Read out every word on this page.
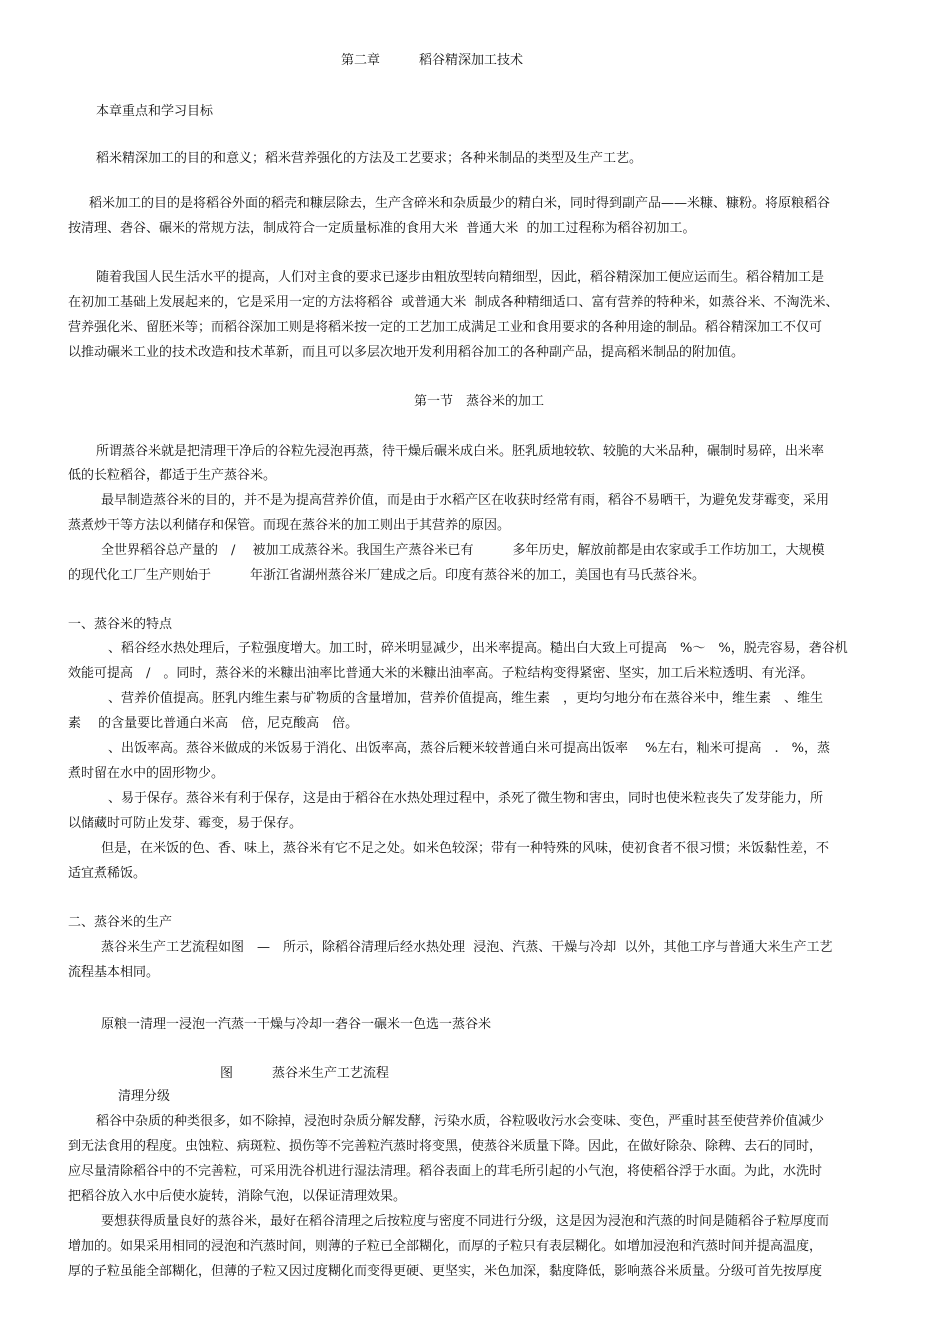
第二章　　　稻谷精深加工技术
本章重点和学习目标
稻米精深加工的目的和意义；稻米营养强化的方法及工艺要求；各种米制品的类型及生产工艺。
稻米加工的目的是将稻谷外面的稻壳和糠层除去，生产含碎米和杂质最少的精白米，同时得到副产品——米糠、糠粉。将原粮稻谷
按清理、砻谷、碾米的常规方法，制成符合一定质量标准的食用大米  普通大米  的加工过程称为稻谷初加工。
随着我国人民生活水平的提高，人们对主食的要求已逐步由粗放型转向精细型，因此，稻谷精深加工便应运而生。稻谷精加工是
在初加工基础上发展起来的，它是采用一定的方法将稻谷  或普通大米  制成各种精细适口、富有营养的特种米，如蒸谷米、不淘洗米、
营养强化米、留胚米等；而稻谷深加工则是将稻米按一定的工艺加工成满足工业和食用要求的各种用途的制品。稻谷精深加工不仅可
以推动碾米工业的技术改造和技术革新，而且可以多层次地开发利用稻谷加工的各种副产品，提高稻米制品的附加值。
第一节　蒸谷米的加工
所谓蒸谷米就是把清理干净后的谷粒先浸泡再蒸，待干燥后碾米成白米。胚乳质地较软、较脆的大米品种，碾制时易碎，出米率
低的长粒稻谷，都适于生产蒸谷米。
最早制造蒸谷米的目的，并不是为提高营养价值，而是由于水稻产区在收获时经常有雨，稻谷不易晒干，为避免发芽霉变，采用
蒸煮炒干等方法以利储存和保管。而现在蒸谷米的加工则出于其营养的原因。
全世界稻谷总产量的　/　 被加工成蒸谷米。我国生产蒸谷米已有　　　多年历史，解放前都是由农家或手工作坊加工，大规模
的现代化工厂生产则始于　　　年浙江省湖州蒸谷米厂建成之后。印度有蒸谷米的加工，美国也有马氏蒸谷米。
一、蒸谷米的特点
、稻谷经水热处理后，子粒强度增大。加工时，碎米明显减少，出米率提高。糙出白大致上可提高　%～　%，脱壳容易，砻谷机
效能可提高　/　。同时，蒸谷米的米糠出油率比普通大米的米糠出油率高。子粒结构变得紧密、坚实，加工后米粒透明、有光泽。
、营养价值提高。胚乳内维生素与矿物质的含量增加，营养价值提高，维生素　，更均匀地分布在蒸谷米中，维生素　、维生
素　 的含量要比普通白米高　倍，尼克酸高　倍。
、出饭率高。蒸谷米做成的米饭易于消化、出饭率高，蒸谷后粳米较普通白米可提高出饭率　 %左右，籼米可提高　.　%，蒸
煮时留在水中的固形物少。
、易于保存。蒸谷米有利于保存，这是由于稻谷在水热处理过程中，杀死了微生物和害虫，同时也使米粒丧失了发芽能力，所
以储藏时可防止发芽、霉变，易于保存。
但是，在米饭的色、香、味上，蒸谷米有它不足之处。如米色较深；带有一种特殊的风味，使初食者不很习惯；米饭黏性差，不
适宜煮稀饭。
二、蒸谷米的生产
蒸谷米生产工艺流程如图　—　所示，除稻谷清理后经水热处理  浸泡、汽蒸、干燥与冷却  以外，其他工序与普通大米生产工艺
流程基本相同。
原粮一清理一浸泡一汽蒸一干燥与冷却一砻谷一碾米一色选一蒸谷米
图　　　蒸谷米生产工艺流程
清理分级
稻谷中杂质的种类很多，如不除掉，浸泡时杂质分解发酵，污染水质，谷粒吸收污水会变味、变色，严重时甚至使营养价值减少
到无法食用的程度。虫蚀粒、病斑粒、损伤等不完善粒汽蒸时将变黑，使蒸谷米质量下降。因此，在做好除杂、除稗、去石的同时，
应尽量清除稻谷中的不完善粒，可采用洗谷机进行湿法清理。稻谷表面上的茸毛所引起的小气泡，将使稻谷浮于水面。为此，水洗时
把稻谷放入水中后使水旋转，消除气泡，以保证清理效果。
要想获得质量良好的蒸谷米，最好在稻谷清理之后按粒度与密度不同进行分级，这是因为浸泡和汽蒸的时间是随稻谷子粒厚度而
增加的。如果采用相同的浸泡和汽蒸时间，则薄的子粒已全部糊化，而厚的子粒只有表层糊化。如增加浸泡和汽蒸时间并提高温度，
厚的子粒虽能全部糊化，但薄的子粒又因过度糊化而变得更硬、更坚实，米色加深，黏度降低，影响蒸谷米质量。分级可首先按厚度
